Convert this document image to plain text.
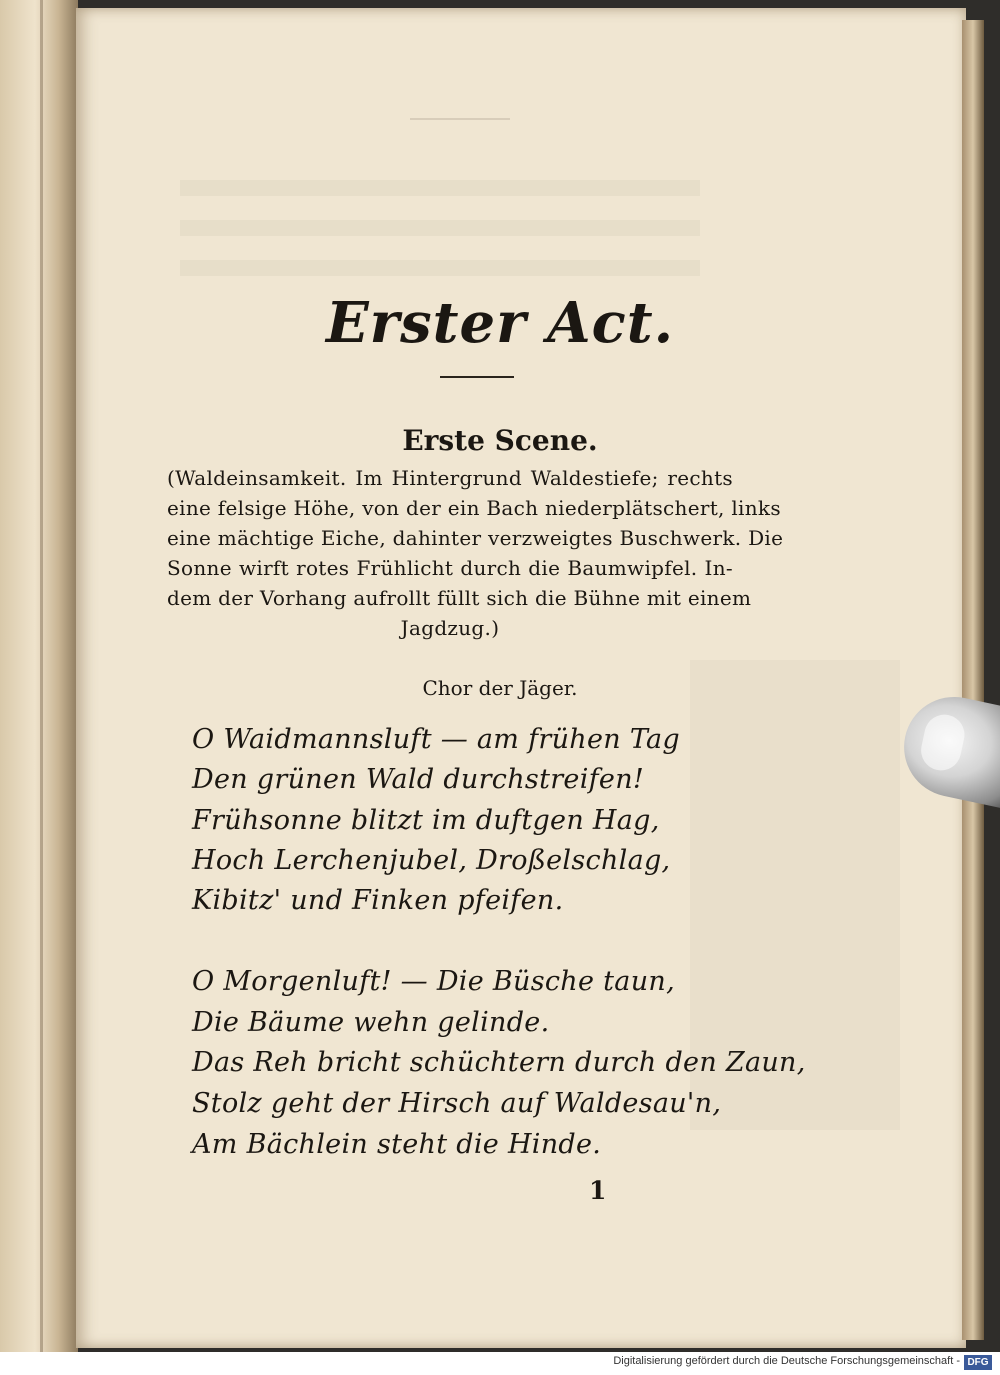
Erster Act.
Erste Scene.
(Waldeinsamkeit. Im Hintergrund Waldestiefe; rechts
eine felsige Höhe, von der ein Bach niederplätschert, links
eine mächtige Eiche, dahinter verzweigtes Buschwerk. Die
Sonne wirft rotes Frühlicht durch die Baumwipfel. In-
dem der Vorhang aufrollt füllt sich die Bühne mit einem
Jagdzug.)
Chor der Jäger.
O Waidmannsluft — am frühen Tag
Den grünen Wald durchstreifen!
Frühsonne blitzt im duftgen Hag,
Hoch Lerchenjubel, Droßelschlag,
Kibitz' und Finken pfeifen.
O Morgenluft! — Die Büsche taun,
Die Bäume wehn gelinde.
Das Reh bricht schüchtern durch den Zaun,
Stolz geht der Hirsch auf Waldesau'n,
Am Bächlein steht die Hinde.
1
Digitalisierung gefördert durch die Deutsche Forschungsgemeinschaft - DFG
